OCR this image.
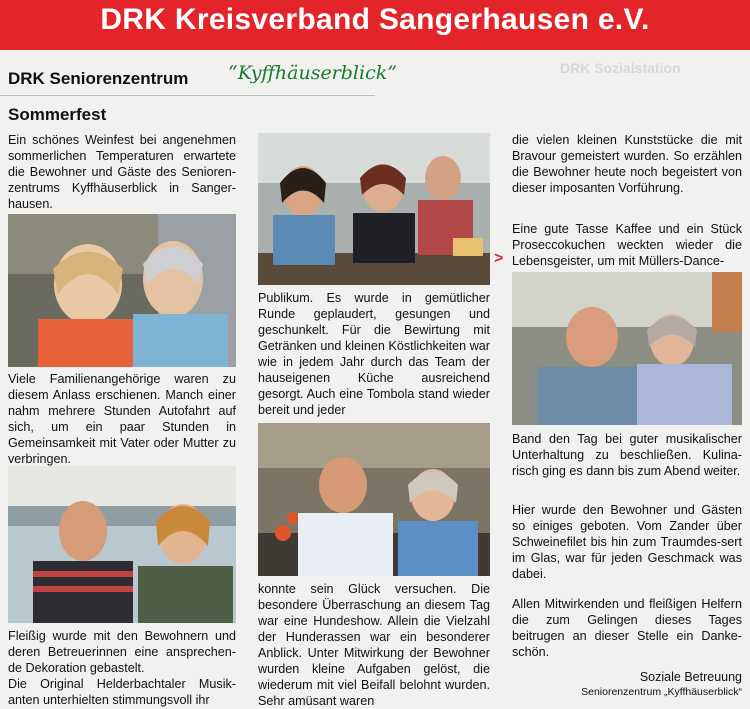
DRK Kreisverband Sangerhausen e.V.
DRK Sozialstation
DRK Seniorenzentrum “Kyffhäuserblick”
Sommerfest

Ein schönes Weinfest bei angenehmen sommerlichen Temperaturen erwartete die Bewohner und Gäste des Senioren-zentrums Kyffhäuserblick in Sanger-hausen.

Viele Familienangehörige waren zu diesem Anlass erschienen. Manch einer nahm mehrere Stunden Autofahrt auf sich, um ein paar Stunden in Gemeinsamkeit mit Vater oder Mutter zu verbringen.

Fleißig wurde mit den Bewohnern und deren Betreuerinnen eine ansprechen-de Dekoration gebastelt.
Die Original Helderbachtaler Musik-anten unterhielten stimmungsvoll ihr

Publikum. Es wurde in gemütlicher Runde geplaudert, gesungen und geschunkelt. Für die Bewirtung mit Getränken und kleinen Köstlichkeiten war wie in jedem Jahr durch das Team der hauseigenen Küche ausreichend gesorgt. Auch eine Tombola stand wieder bereit und jeder

konnte sein Glück versuchen. Die besondere Überraschung an diesem Tag war eine Hundeshow. Allein die Vielzahl der Hunderassen war ein besonderer Anblick. Unter Mitwirkung der Bewohner wurden kleine Aufgaben gelöst, die wiederum mit viel Beifall belohnt wurden. Sehr amüsant waren

die vielen kleinen Kunststücke die mit Bravour gemeistert wurden. So erzählen die Bewohner heute noch begeistert von dieser imposanten Vorführung.

Eine gute Tasse Kaffee und ein Stück Proseccokuchen weckten wieder die Lebensgeister, um mit Müllers-Dance-

>

Band den Tag bei guter musikalischer Unterhaltung zu beschließen. Kulina-risch ging es dann bis zum Abend weiter.

Hier wurde den Bewohner und Gästen so einiges geboten. Vom Zander über Schweinefilet bis hin zum Traumdes-sert im Glas, war für jeden Geschmack was dabei.

Allen Mitwirkenden und fleißigen Helfern die zum Gelingen dieses Tages beitrugen an dieser Stelle ein Danke-schön.

Soziale Betreuung
Seniorenzentrum „Kyffhäuserblick“
